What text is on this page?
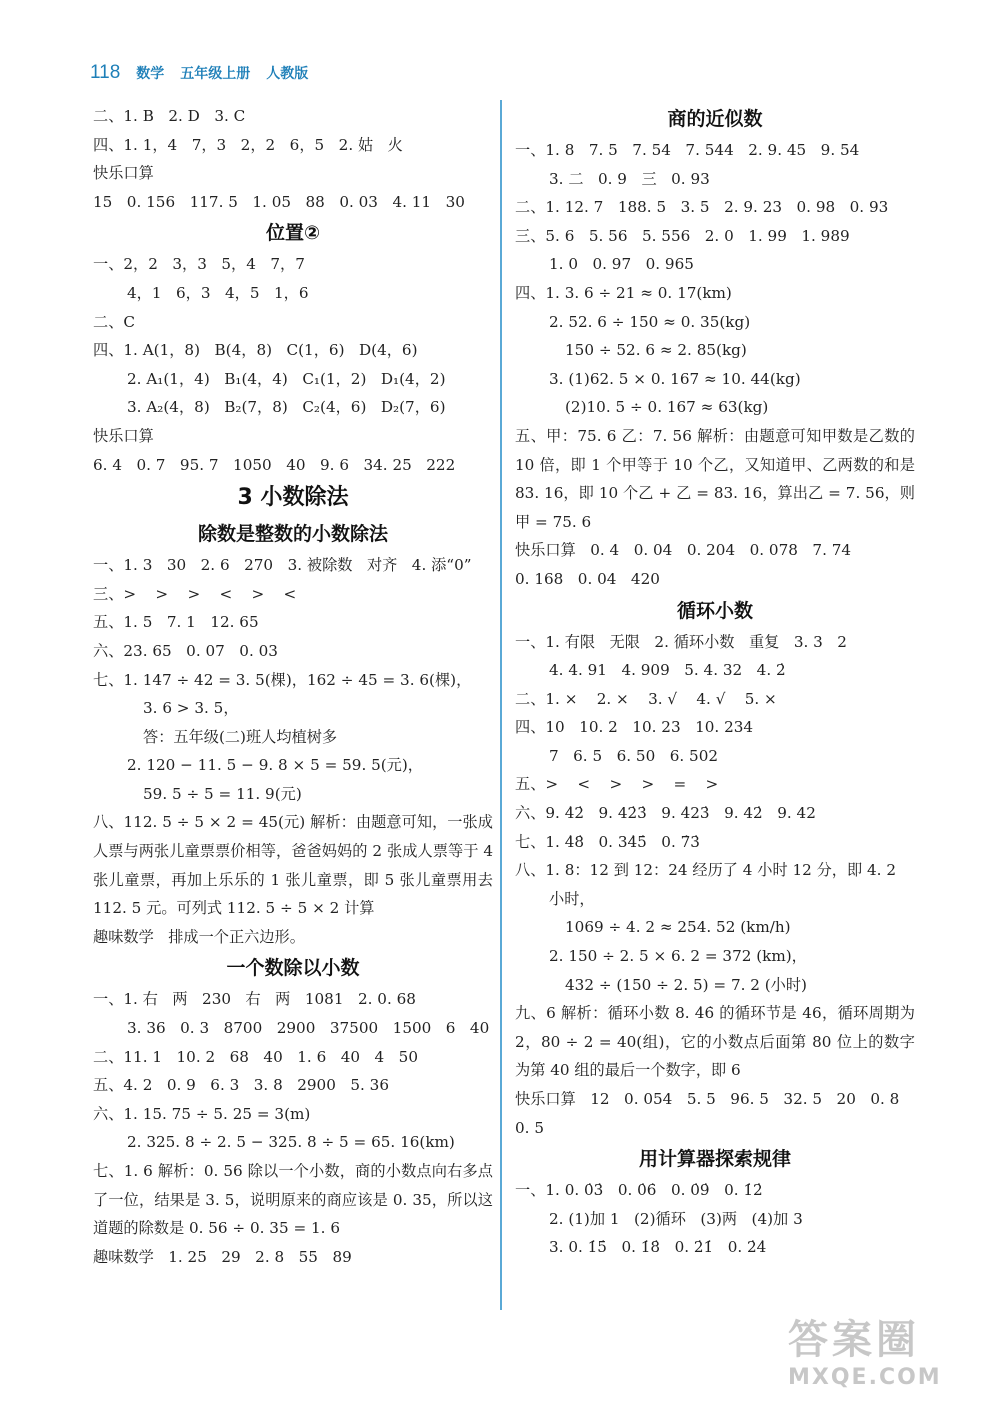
118 数学 五年级上册 人教版
二、1. B   2. D   3. C
四、1. 1，4   7，3   2，2   6，5   2. 姑   火
快乐口算
15   0. 156   117. 5   1. 05   88   0. 03   4. 11   30
位置②
一、2，2   3，3   5，4   7，7
4，1   6，3   4，5   1，6
二、C
四、1. A(1，8)   B(4，8)   C(1，6)   D(4，6)
2. A₁(1，4)   B₁(4，4)   C₁(1，2)   D₁(4，2)
3. A₂(4，8)   B₂(7，8)   C₂(4，6)   D₂(7，6)
快乐口算
6. 4   0. 7   95. 7   1050   40   9. 6   34. 25   222
3 小数除法
除数是整数的小数除法
一、1. 3   30   2. 6   270   3. 被除数   对齐   4. 添“0”
三、>    >    >    <    >    <
五、1. 5   7. 1   12. 65
六、23. 65   0. 07   0. 03
七、1. 147 ÷ 42 = 3. 5(棵)，162 ÷ 45 = 3. 6(棵)，
3. 6 > 3. 5，
答：五年级(二)班人均植树多
2. 120 − 11. 5 − 9. 8 × 5 = 59. 5(元)，
59. 5 ÷ 5 = 11. 9(元)
八、112. 5 ÷ 5 × 2 = 45(元) 解析：由题意可知，一张成人票与两张儿童票票价相等，爸爸妈妈的 2 张成人票等于 4 张儿童票，再加上乐乐的 1 张儿童票，即 5 张儿童票用去 112. 5 元。可列式 112. 5 ÷ 5 × 2 计算
趣味数学   排成一个正六边形。
一个数除以小数
一、1. 右   两   230   右   两   1081   2. 0. 68
3. 36   0. 3   8700   2900   37500   1500   6   40
二、11. 1   10. 2   68   40   1. 6   40   4   50
五、4. 2   0. 9   6. 3   3. 8   2900   5. 36
六、1. 15. 75 ÷ 5. 25 = 3(m)
2. 325. 8 ÷ 2. 5 − 325. 8 ÷ 5 = 65. 16(km)
七、1. 6 解析：0. 56 除以一个小数，商的小数点向右多点了一位，结果是 3. 5，说明原来的商应该是 0. 35，所以这道题的除数是 0. 56 ÷ 0. 35 = 1. 6
趣味数学   1. 25   29   2. 8   55   89
商的近似数
一、1. 8   7. 5   7. 54   7. 544   2. 9. 45   9. 54
3. 二   0. 9   三   0. 93
二、1. 12. 7   188. 5   3. 5   2. 9. 23   0. 98   0. 93
三、5. 6   5. 56   5. 556   2. 0   1. 99   1. 989
1. 0   0. 97   0. 965
四、1. 3. 6 ÷ 21 ≈ 0. 17(km)
2. 52. 6 ÷ 150 ≈ 0. 35(kg)
150 ÷ 52. 6 ≈ 2. 85(kg)
3. (1)62. 5 × 0. 167 ≈ 10. 44(kg)
(2)10. 5 ÷ 0. 167 ≈ 63(kg)
五、甲：75. 6 乙：7. 56 解析：由题意可知甲数是乙数的 10 倍，即 1 个甲等于 10 个乙，又知道甲、乙两数的和是 83. 16，即 10 个乙 + 乙 = 83. 16，算出乙 = 7. 56，则甲 = 75. 6
快乐口算   0. 4   0. 04   0. 204   0. 078   7. 74
0. 168   0. 04   420
循环小数
一、1. 有限   无限   2. 循环小数   重复   3. 3   2
4. 4. 91   4. 909   5. 4. 32   4. 2̇
二、1. ×    2. ×    3. √    4. √    5. ×
四、10   10. 2   10. 23   10. 234
7   6. 5   6. 50   6. 502
五、>    <    >    >    =    >
六、9. 4̇2̇   9. 42̇3̇   9. 4̇23̇   9. 42̇   9. 42
七、1. 4̇8̇   0. 34̇5̇   0. 7̇3̇
八、1. 8：12 到 12：24 经历了 4 小时 12 分，即 4. 2
小时，
1069 ÷ 4. 2 ≈ 254. 52 (km/h)
2. 150 ÷ 2. 5 × 6. 2 = 372 (km)，
432 ÷ (150 ÷ 2. 5) = 7. 2 (小时)
九、6 解析：循环小数 8. 4̇6̇ 的循环节是 46，循环周期为 2，80 ÷ 2 = 40(组)，它的小数点后面第 80 位上的数字为第 40 组的最后一个数字，即 6
快乐口算   12   0. 054   5. 5   96. 5   32. 5   20   0. 8
0. 5
用计算器探索规律
一、1. 0. 0̇3̇   0. 0̇6̇   0. 0̇9̇   0. 1̇2̇
2. (1)加 1   (2)循环   (3)两   (4)加 3
3. 0. 1̇5̇   0. 1̇8̇   0. 2̇1̇   0. 2̇4̇
答案圈
MXQE.COM
